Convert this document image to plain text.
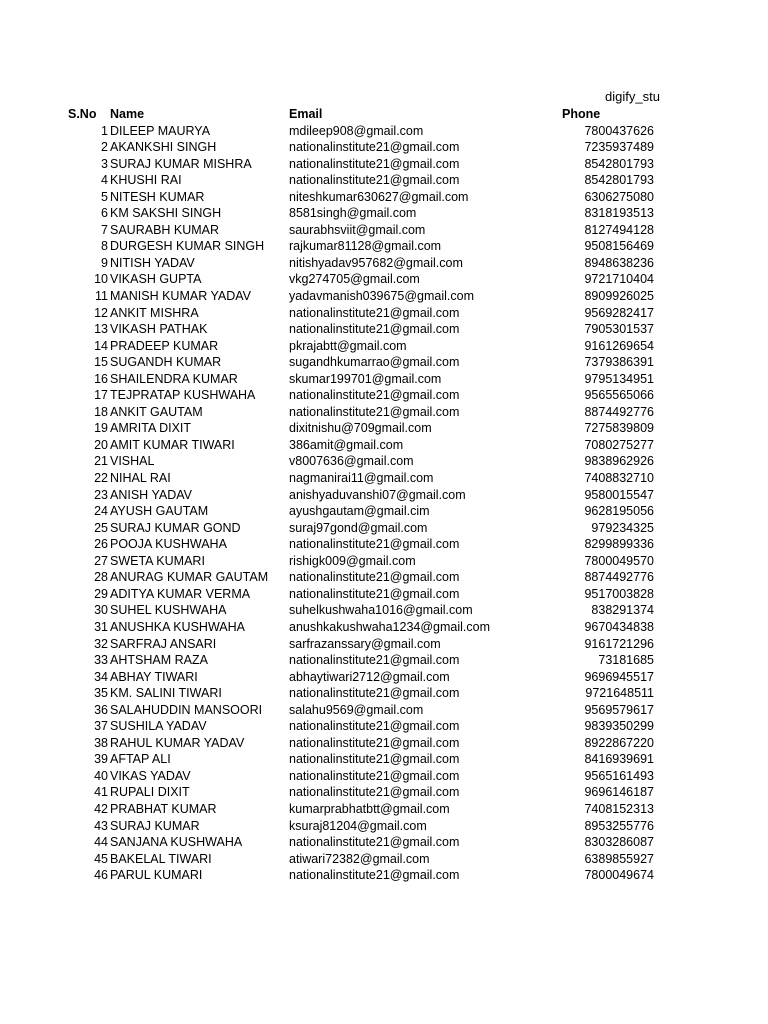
digify_stu
S.No Name	Email	Phone
1 DILEEP MAURYA	mdileep908@gmail.com	7800437626
2 AKANKSHI SINGH	nationalinstitute21@gmail.com	7235937489
3 SURAJ KUMAR MISHRA	nationalinstitute21@gmail.com	8542801793
4 KHUSHI RAI	nationalinstitute21@gmail.com	8542801793
5 NITESH KUMAR	niteshkumar630627@gmail.com	6306275080
6 KM SAKSHI SINGH	8581singh@gmail.com	8318193513
7 SAURABH KUMAR	saurabhsviit@gmail.com	8127494128
8 DURGESH KUMAR SINGH rajkumar81128@gmail.com	9508156469
9 NITISH YADAV	nitishyadav957682@gmail.com	8948638236
10 VIKASH GUPTA	vkg274705@gmail.com	9721710404
11 MANISH KUMAR YADAV	yadavmanish039675@gmail.com	8909926025
12 ANKIT MISHRA	nationalinstitute21@gmail.com	9569282417
13 VIKASH PATHAK	nationalinstitute21@gmail.com	7905301537
14 PRADEEP KUMAR	pkrajabtt@gmail.com	9161269654
15 SUGANDH KUMAR	sugandhkumarrao@gmail.com	7379386391
16 SHAILENDRA KUMAR	skumar199701@gmail.com	9795134951
17 TEJPRATAP KUSHWAHA	nationalinstitute21@gmail.com	9565565066
18 ANKIT GAUTAM	nationalinstitute21@gmail.com	8874492776
19 AMRITA DIXIT	dixitnishu@709gmail.com	7275839809
20 AMIT KUMAR TIWARI	386amit@gmail.com	7080275277
21 VISHAL	v8007636@gmail.com	9838962926
22 NIHAL RAI	nagmanirai11@gmail.com	7408832710
23 ANISH YADAV	anishyaduvanshi07@gmail.com	9580015547
24 AYUSH GAUTAM	ayushgautam@gmail.cim	9628195056
25 SURAJ KUMAR GOND	suraj97gond@gmail.com	979234325
26 POOJA KUSHWAHA	nationalinstitute21@gmail.com	8299899336
27 SWETA KUMARI	rishigk009@gmail.com	7800049570
28 ANURAG KUMAR GAUTAM nationalinstitute21@gmail.com	8874492776
29 ADITYA KUMAR VERMA	nationalinstitute21@gmail.com	9517003828
30 SUHEL KUSHWAHA	suhelkushwaha1016@gmail.com	838291374
31 ANUSHKA KUSHWAHA	anushkakushwaha1234@gmail.com	9670434838
32 SARFRAJ ANSARI	sarfrazanssary@gmail.com	9161721296
33 AHTSHAM RAZA	nationalinstitute21@gmail.com	73181685
34 ABHAY TIWARI	abhaytiwari2712@gmail.com	9696945517
35 KM. SALINI TIWARI	nationalinstitute21@gmail.com	9721648511
36 SALAHUDDIN MANSOORI salahu9569@gmail.com	9569579617
37 SUSHILA YADAV	nationalinstitute21@gmail.com	9839350299
38 RAHUL KUMAR YADAV	nationalinstitute21@gmail.com	8922867220
39 AFTAP ALI	nationalinstitute21@gmail.com	8416939691
40 VIKAS YADAV	nationalinstitute21@gmail.com	9565161493
41 RUPALI DIXIT	nationalinstitute21@gmail.com	9696146187
42 PRABHAT KUMAR	kumarprabhatbtt@gmail.com	7408152313
43 SURAJ KUMAR	ksuraj81204@gmail.com	8953255776
44 SANJANA KUSHWAHA	nationalinstitute21@gmail.com	8303286087
45 BAKELAL TIWARI	atiwari72382@gmail.com	6389855927
46 PARUL KUMARI	nationalinstitute21@gmail.com	7800049674
